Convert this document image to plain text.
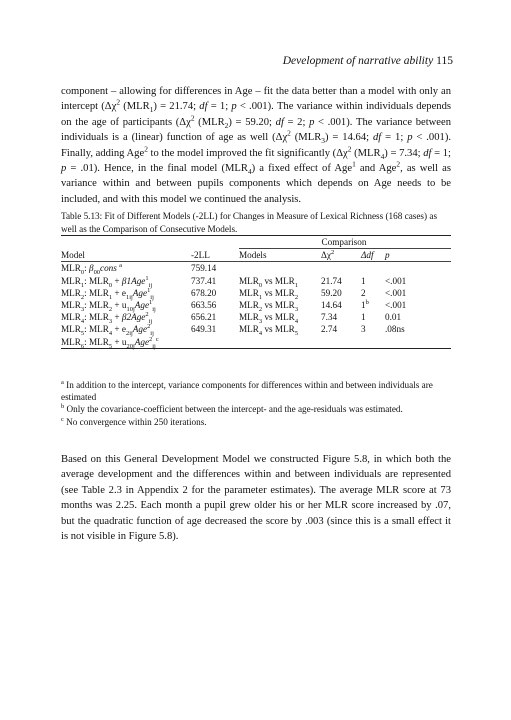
Development of narrative ability 115

component – allowing for differences in Age – fit the data better than a model with only an intercept ($\Delta\chi^2$ $(MLR_1) = 21.74$; df = 1; p < .001). The variance within individuals depends on the age of participants ($\Delta\chi^2$ $(MLR_2) = 59.20$; df = 2; p < .001). The variance between individuals is a (linear) function of age as well ($\Delta\chi^2$ $(MLR_3) = 14.64$; df = 1; p < .001). Finally, adding Age$^2$ to the model improved the fit significantly ($\Delta\chi^2$ $(MLR_4) = 7.34$; df = 1; p = .01). Hence, in the final model $(MLR_4)$ a fixed effect of Age$^1$ and Age$^2$, as well as variance within and between pupils components which depends on Age needs to be included, and with this model we continued the analysis.

Table 5.13: Fit of Different Models (-2LL) for Changes in Measure of Lexical Richness (168 cases) as well as the Comparison of Consecutive Models.

		Comparison			
Model	-2LL	Models	$\Delta\chi^2$	Δdf	p
$MLR_0$: $\beta_{00}cons$ $^a$	759.14				
$MLR_1$: $MLR_0 + \beta 1Age^1_{ij}$	737.41	$MLR_0$ vs $MLR_1$	21.74	1	<.001
$MLR_2$: $MLR_1 + e_{1ij}Age^1_{ij}$	678.20	$MLR_1$ vs $MLR_2$	59.20	2	<.001
$MLR_3$: $MLR_2 + u_{10j}Age^1_{ij}$	663.56	$MLR_2$ vs $MLR_3$	14.64	$1^b$	<.001
$MLR_4$: $MLR_3 + \beta 2Age^2_{ij}$	656.21	$MLR_3$ vs $MLR_4$	7.34	1	0.01
$MLR_5$: $MLR_4 + e_{2ij}Age^2_{ij}$	649.31	$MLR_4$ vs $MLR_5$	2.74	3	.08ns
$MLR_6$: $MLR_5 + u_{20j}Age^2_{ij}^c$					
$^a$ In addition to the intercept, variance components for differences within and between individuals are estimated
$^b$ Only the covariance-coefficient between the intercept- and the age-residuals was estimated.
$^c$ No convergence within 250 iterations.

Based on this General Development Model we constructed Figure 5.8, in which both the average development and the differences within and between individuals are represented (see Table 2.3 in Appendix 2 for the parameter estimates). The average MLR score at 73 months was 2.25. Each month a pupil grew older his or her MLR score increased by .07, but the quadratic function of age decreased the score by .003 (since this is a small effect it is not visible in Figure 5.8).
